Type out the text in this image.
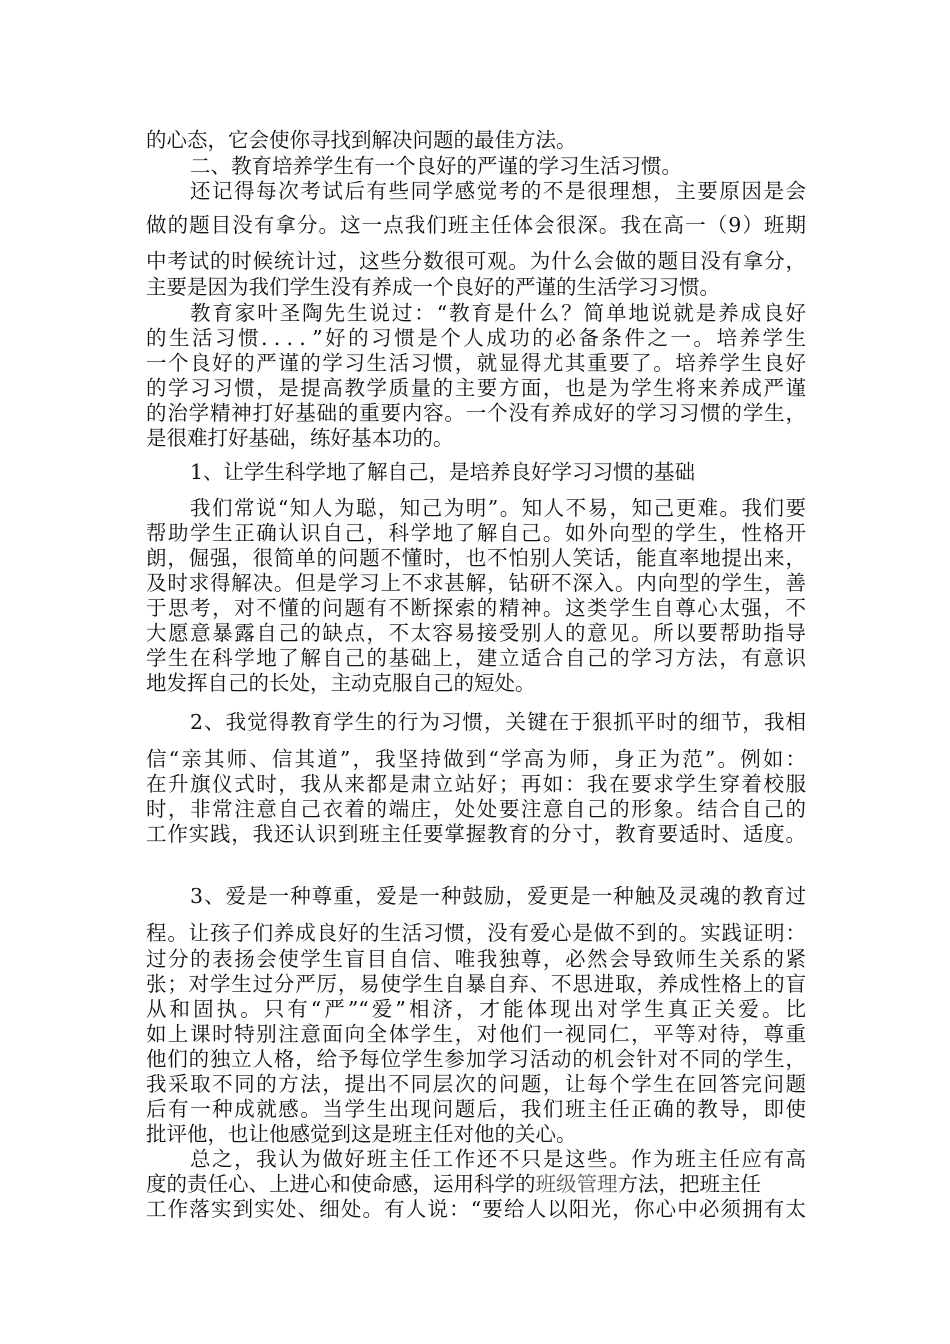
的心态，它会使你寻找到解决问题的最佳方法。
二、教育培养学生有一个良好的严谨的学习生活习惯。
还记得每次考试后有些同学感觉考的不是很理想，主要原因是会
做的题目没有拿分。这一点我们班主任体会很深。我在高一（9）班期
中考试的时候统计过，这些分数很可观。为什么会做的题目没有拿分，
主要是因为我们学生没有养成一个良好的严谨的生活学习习惯。
教育家叶圣陶先生说过：“教育是什么？简单地说就是养成良好
的生活习惯．．．．”好的习惯是个人成功的必备条件之一。培养学生
一个良好的严谨的学习生活习惯，就显得尤其重要了。培养学生良好
的学习习惯，是提高教学质量的主要方面，也是为学生将来养成严谨
的治学精神打好基础的重要内容。一个没有养成好的学习习惯的学生，
是很难打好基础，练好基本功的。
1、让学生科学地了解自己，是培养良好学习习惯的基础
我们常说“知人为聪，知己为明”。知人不易，知己更难。我们要
帮助学生正确认识自己，科学地了解自己。如外向型的学生，性格开
朗，倔强，很简单的问题不懂时，也不怕别人笑话，能直率地提出来，
及时求得解决。但是学习上不求甚解，钻研不深入。内向型的学生，善
于思考，对不懂的问题有不断探索的精神。这类学生自尊心太强，不
大愿意暴露自己的缺点，不太容易接受别人的意见。所以要帮助指导
学生在科学地了解自己的基础上，建立适合自己的学习方法，有意识
地发挥自己的长处，主动克服自己的短处。
2、我觉得教育学生的行为习惯，关键在于狠抓平时的细节，我相
信“亲其师、信其道”，我坚持做到“学高为师，身正为范”。例如：
在升旗仪式时，我从来都是肃立站好；再如：我在要求学生穿着校服
时，非常注意自己衣着的端庄，处处要注意自己的形象。结合自己的
工作实践，我还认识到班主任要掌握教育的分寸，教育要适时、适度。
3、爱是一种尊重，爱是一种鼓励，爱更是一种触及灵魂的教育过
程。让孩子们养成良好的生活习惯，没有爱心是做不到的。实践证明：
过分的表扬会使学生盲目自信、唯我独尊，必然会导致师生关系的紧
张；对学生过分严厉，易使学生自暴自弃、不思进取，养成性格上的盲
从和固执。只有“严”“爱”相济，才能体现出对学生真正关爱。比
如上课时特别注意面向全体学生，对他们一视同仁，平等对待，尊重
他们的独立人格，给予每位学生参加学习活动的机会针对不同的学生，
我采取不同的方法，提出不同层次的问题，让每个学生在回答完问题
后有一种成就感。当学生出现问题后，我们班主任正确的教导，即使
批评他，也让他感觉到这是班主任对他的关心。
总之，我认为做好班主任工作还不只是这些。作为班主任应有高
度的责任心、上进心和使命感，运用科学的班级管理方法，把班主任
工作落实到实处、细处。有人说：“要给人以阳光，你心中必须拥有太
